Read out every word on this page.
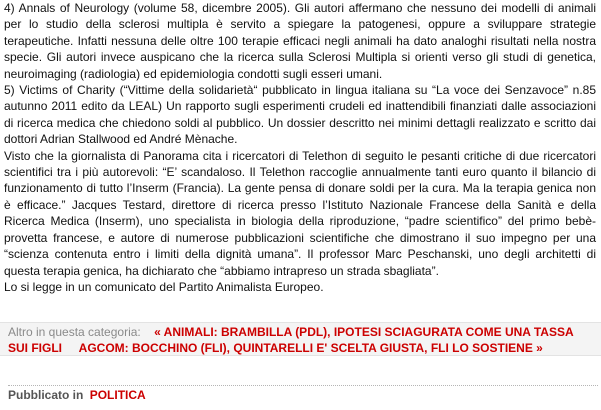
4) Annals of Neurology (volume 58, dicembre 2005). Gli autori affermano che nessuno dei modelli di animali per lo studio della sclerosi multipla è servito a spiegare la patogenesi, oppure a sviluppare strategie terapeutiche. Infatti nessuna delle oltre 100 terapie efficaci negli animali ha dato analoghi risultati nella nostra specie. Gli autori invece auspicano che la ricerca sulla Sclerosi Multipla si orienti verso gli studi di genetica, neuroimaging (radiologia) ed epidemiologia condotti sugli esseri umani.

5) Victims of Charity (“Vittime della solidarietà“ pubblicato in lingua italiana su “La voce dei Senzavoce” n.85 autunno 2011 edito da LEAL) Un rapporto sugli esperimenti crudeli ed inattendibili finanziati dalle associazioni di ricerca medica che chiedono soldi al pubblico. Un dossier descritto nei minimi dettagli realizzato e scritto dai dottori Adrian Stallwood ed André Mènache.

Visto che la giornalista di Panorama cita i ricercatori di Telethon di seguito le pesanti critiche di due ricercatori scientifici tra i più autorevoli: “E’ scandaloso. Il Telethon raccoglie annualmente tanti euro quanto il bilancio di funzionamento di tutto l’Inserm (Francia). La gente pensa di donare soldi per la cura. Ma la terapia genica non è efficace.” Jacques Testard, direttore di ricerca presso l’Istituto Nazionale Francese della Sanità e della Ricerca Medica (Inserm), uno specialista in biologia della riproduzione, “padre scientifico” del primo bebè-provetta francese, e autore di numerose pubblicazioni scientifiche che dimostrano il suo impegno per una “scienza contenuta entro i limiti della dignità umana”. Il professor Marc Peschanski, uno degli architetti di questa terapia genica, ha dichiarato che “abbiamo intrapreso un strada sbagliata”.

Lo si legge in un comunicato del Partito Animalista Europeo.

Altro in questa categoria: « ANIMALI: BRAMBILLA (PDL), IPOTESI SCIAGURATA COME UNA TASSA SUI FIGLI AGCOM: BOCCHINO (FLI), QUINTARELLI E' SCELTA GIUSTA, FLI LO SOSTIENE »
Pubblicato in POLITICA
